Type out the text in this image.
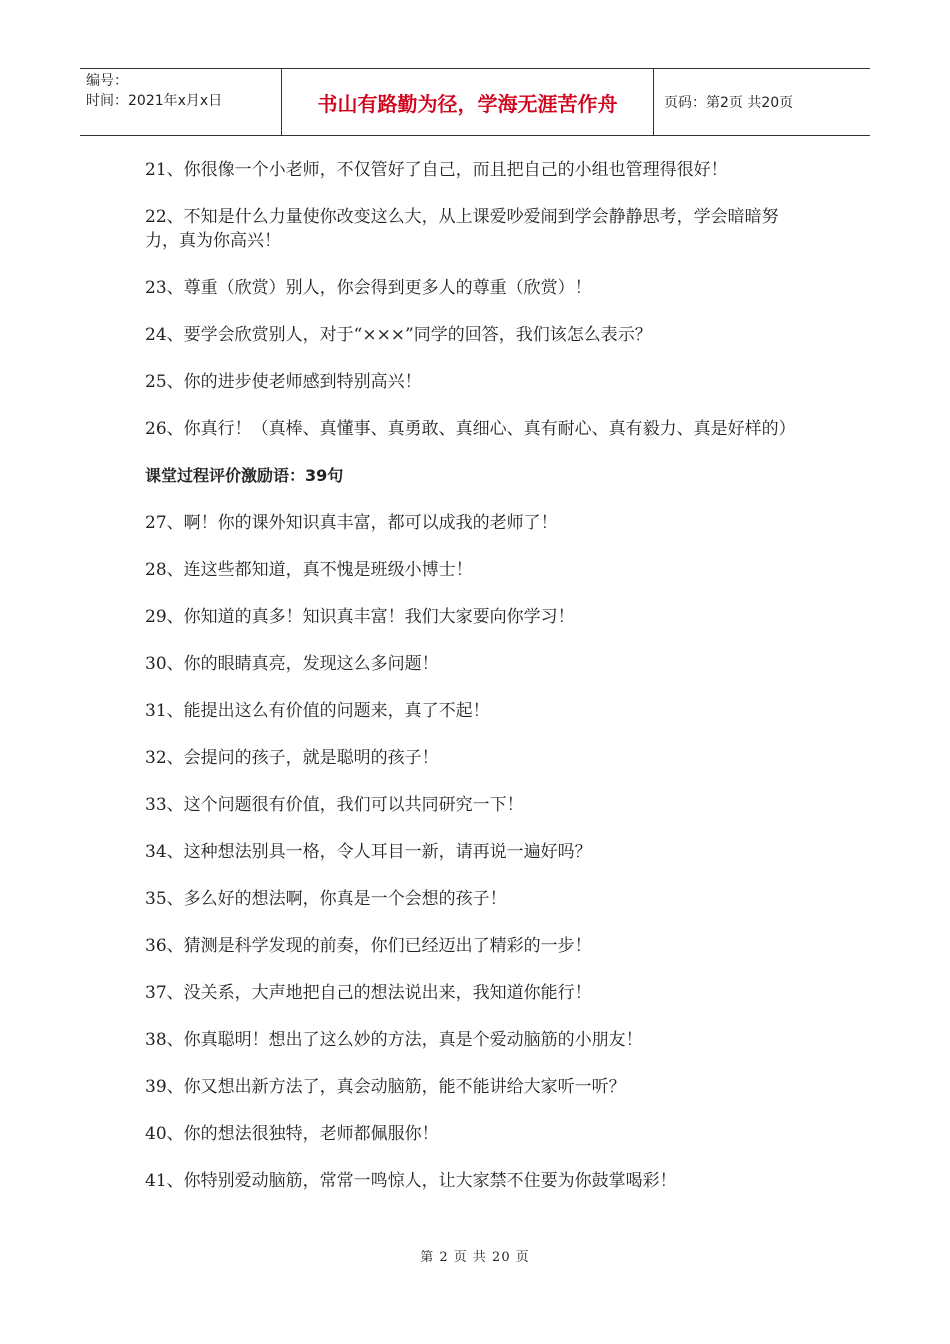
编号：
时间：2021年x月x日	书山有路勤为径，学海无涯苦作舟	页码：第2页 共20页
21、你很像一个小老师，不仅管好了自己，而且把自己的小组也管理得很好！
22、不知是什么力量使你改变这么大，从上课爱吵爱闹到学会静静思考，学会暗暗努力，真为你高兴！
23、尊重（欣赏）别人，你会得到更多人的尊重（欣赏）！
24、要学会欣赏别人，对于“×××”同学的回答，我们该怎么表示？
25、你的进步使老师感到特别高兴！
26、你真行！（真棒、真懂事、真勇敢、真细心、真有耐心、真有毅力、真是好样的）
课堂过程评价激励语：39句
27、啊！你的课外知识真丰富，都可以成我的老师了！
28、连这些都知道，真不愧是班级小博士！
29、你知道的真多！知识真丰富！我们大家要向你学习！
30、你的眼睛真亮，发现这么多问题！
31、能提出这么有价值的问题来，真了不起！
32、会提问的孩子，就是聪明的孩子！
33、这个问题很有价值，我们可以共同研究一下！
34、这种想法别具一格，令人耳目一新，请再说一遍好吗？
35、多么好的想法啊，你真是一个会想的孩子！
36、猜测是科学发现的前奏，你们已经迈出了精彩的一步！
37、没关系，大声地把自己的想法说出来，我知道你能行！
38、你真聪明！想出了这么妙的方法，真是个爱动脑筋的小朋友！
39、你又想出新方法了，真会动脑筋，能不能讲给大家听一听？
40、你的想法很独特，老师都佩服你！
41、你特别爱动脑筋，常常一鸣惊人，让大家禁不住要为你鼓掌喝彩！
第 2 页 共 20 页
